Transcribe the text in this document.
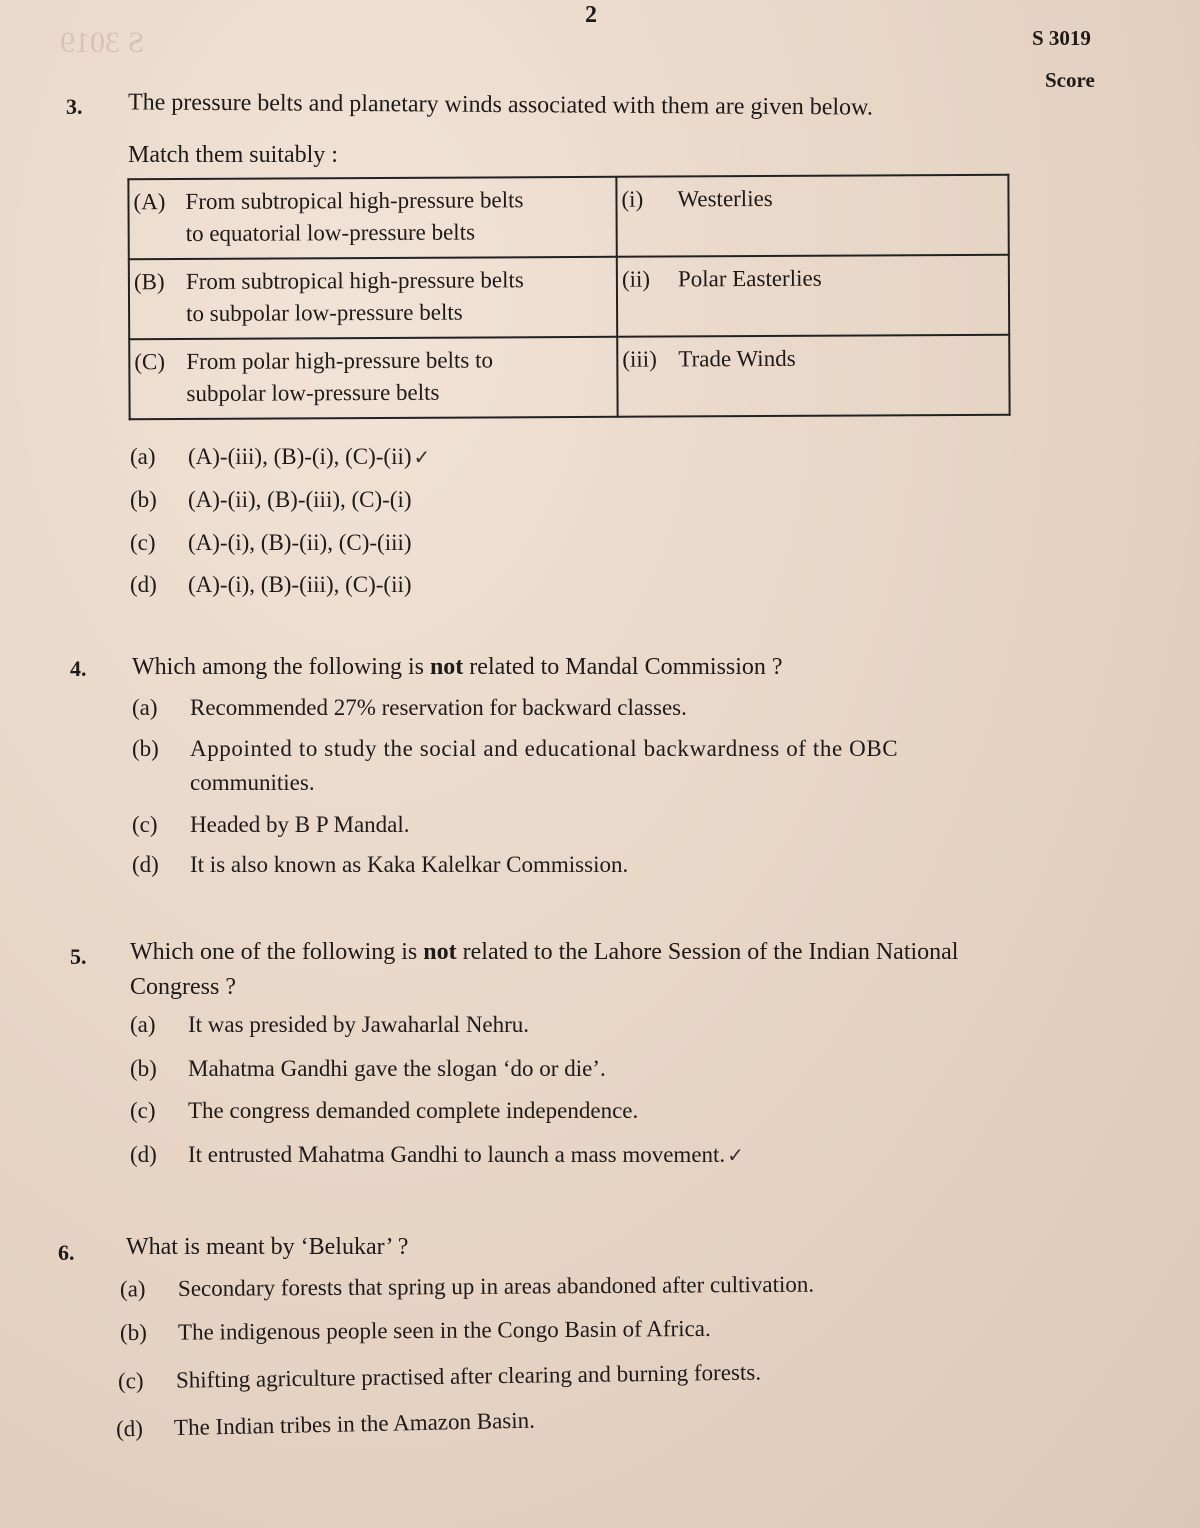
S 3019
2
S 3019
Score
3. The pressure belts and planetary winds associated with them are given below.
Match them suitably :
(A) From subtropical high-pressure belts
to equatorial low-pressure belts	(i) Westerlies
(B) From subtropical high-pressure belts
to subpolar low-pressure belts	(ii) Polar Easterlies
(C) From polar high-pressure belts to
subpolar low-pressure belts	(iii) Trade Winds
(a) (A)-(iii), (B)-(i), (C)-(ii) ✓
(b) (A)-(ii), (B)-(iii), (C)-(i)
(c) (A)-(i), (B)-(ii), (C)-(iii)
(d) (A)-(i), (B)-(iii), (C)-(ii)
4. Which among the following is not related to Mandal Commission ?
(a) Recommended 27% reservation for backward classes.
(b) Appointed to study the social and educational backwardness of the OBC
communities.
(c) Headed by B P Mandal.
(d) It is also known as Kaka Kalelkar Commission.
5. Which one of the following is not related to the Lahore Session of the Indian National
Congress ?
(a) It was presided by Jawaharlal Nehru.
(b) Mahatma Gandhi gave the slogan ‘do or die’.
(c) The congress demanded complete independence.
(d) It entrusted Mahatma Gandhi to launch a mass movement. ✓
6. What is meant by ‘Belukar’ ?
(a) Secondary forests that spring up in areas abandoned after cultivation.
(b) The indigenous people seen in the Congo Basin of Africa.
(c) Shifting agriculture practised after clearing and burning forests.
(d) The Indian tribes in the Amazon Basin.
